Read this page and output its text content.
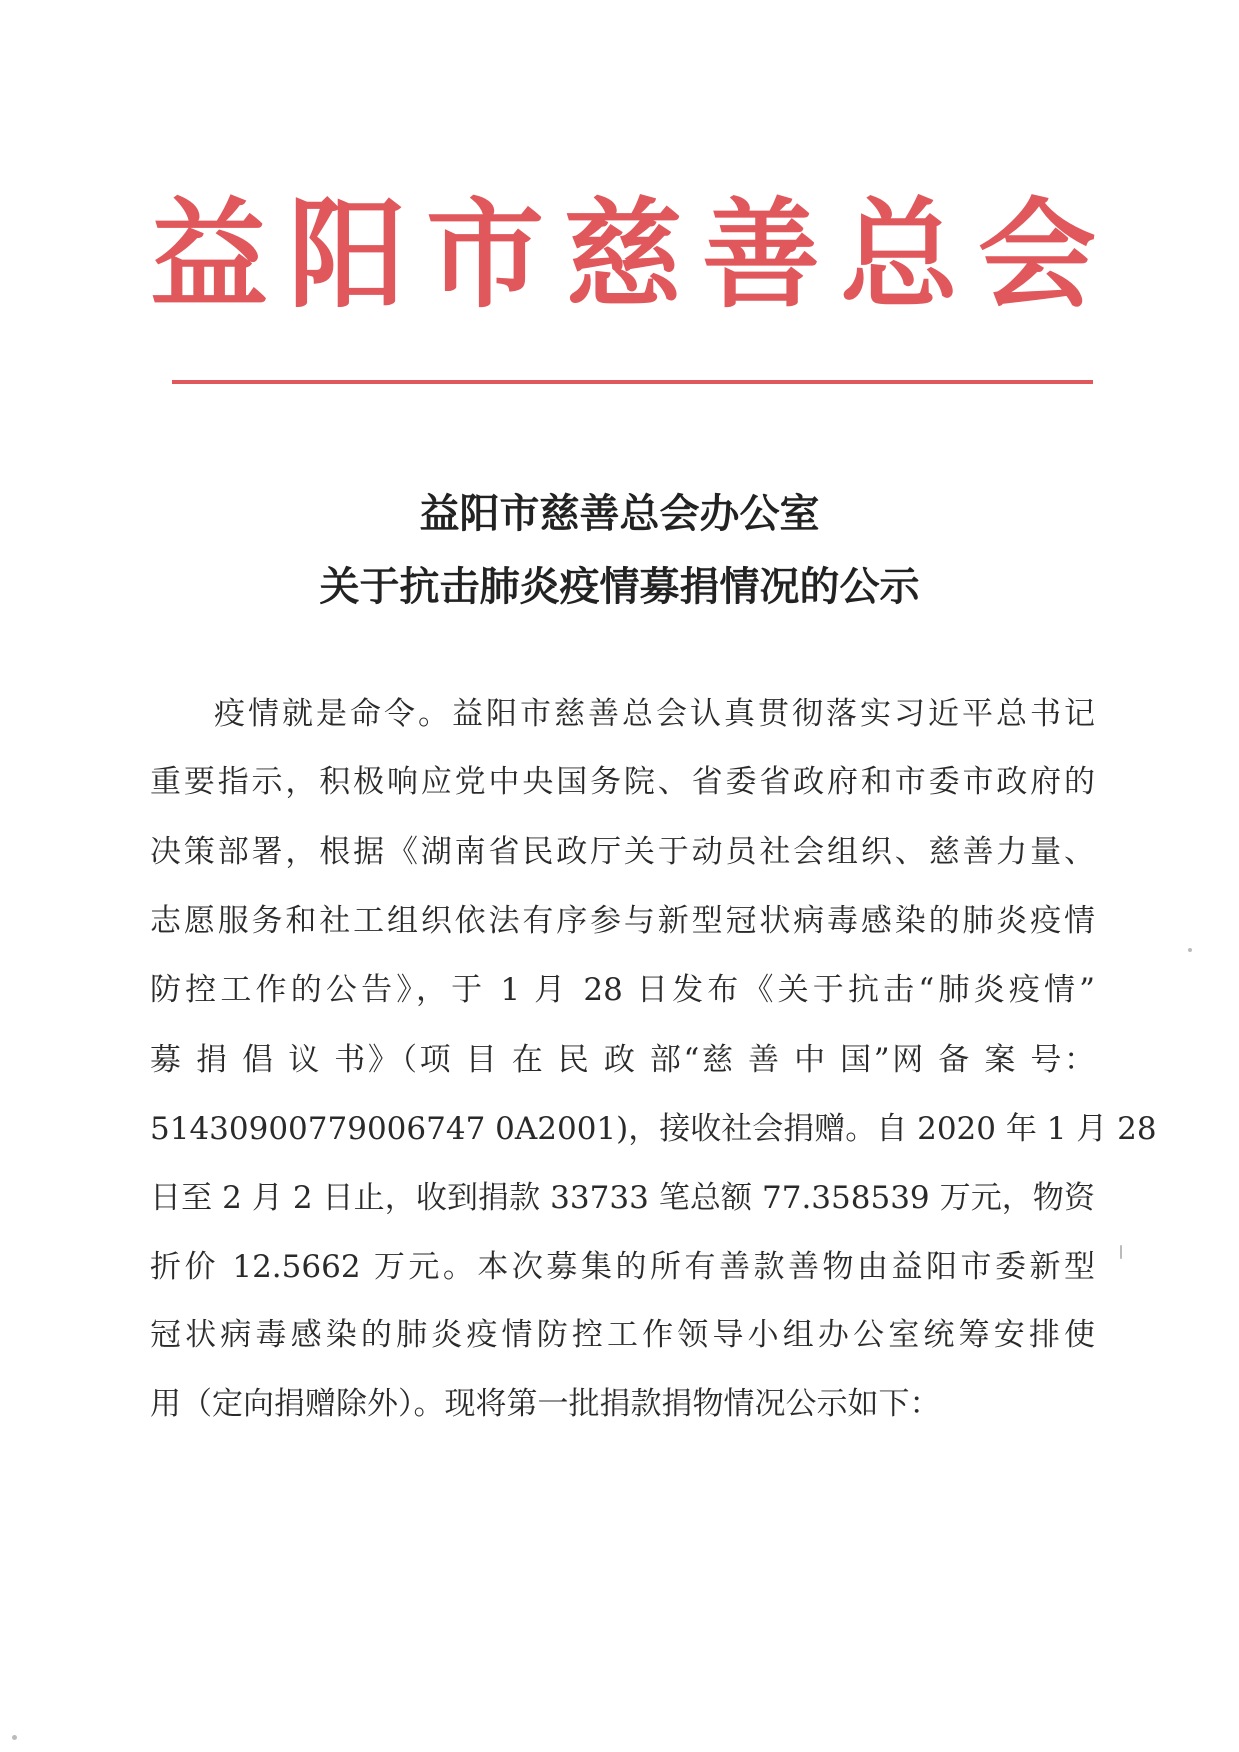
益阳市慈善总会
益阳市慈善总会办公室
关于抗击肺炎疫情募捐情况的公示
疫情就是命令。益阳市慈善总会认真贯彻落实习近平总书记
重要指示，积极响应党中央国务院、省委省政府和市委市政府的
决策部署，根据《湖南省民政厅关于动员社会组织、慈善力量、
志愿服务和社工组织依法有序参与新型冠状病毒感染的肺炎疫情
防控工作的公告》，于 1 月 28 日发布《关于抗击“肺炎疫情”
募 捐 倡 议 书》（项 目 在 民 政 部“慈 善 中 国”网 备 案 号：
51430900779006747 0A2001)，接收社会捐赠。自 2020 年 1 月 28
日至 2 月 2 日止，收到捐款 33733 笔总额 77.358539 万元，物资
折价 12.5662 万元。本次募集的所有善款善物由益阳市委新型
冠状病毒感染的肺炎疫情防控工作领导小组办公室统筹安排使
用（定向捐赠除外）。现将第一批捐款捐物情况公示如下：
